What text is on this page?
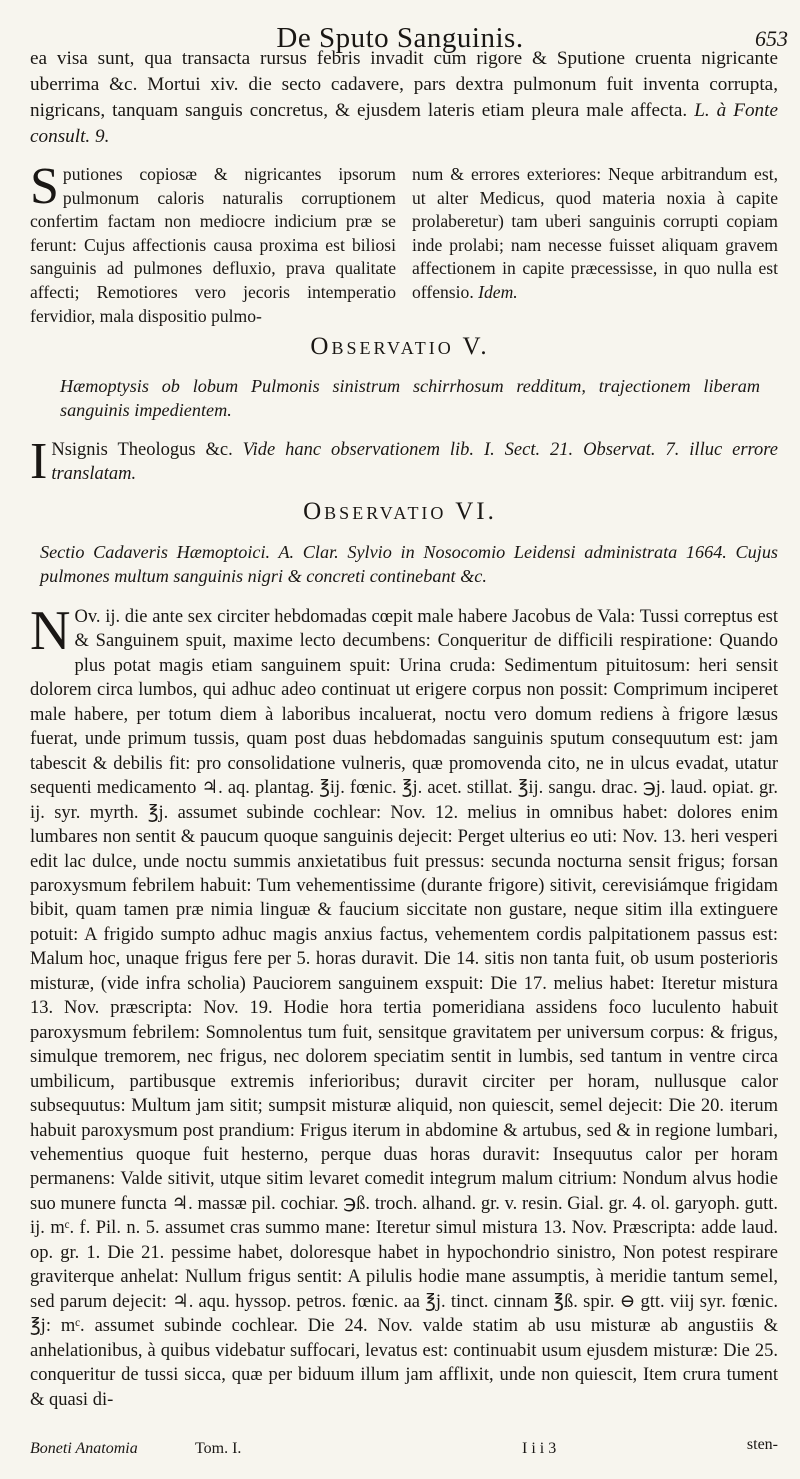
De Sputo Sanguinis.	653

ea visa sunt, qua transacta rursus febris invadit cum rigore & Sputione cruenta nigricante uberrima &c. Mortui xiv. die secto cadavere, pars dextra pulmonum fuit inventa corrupta, nigricans, tanquam sanguis concretus, & ejusdem lateris etiam pleura male affecta. L. à Fonte consult. 9.

S putiones copiosæ & nigricantes ipsorum pulmonum caloris naturalis corruptionem confertim factam non mediocre indicium præ se ferunt: Cujus affectionis causa proxima est biliosi sanguinis ad pulmones defluxio, prava qualitate affecti; Remotiores vero jecoris intemperatio fervidior, mala dispositio pulmo-

num & errores exteriores: Neque arbitrandum est, ut alter Medicus, quod materia noxia à capite prolaberetur) tam uberi sanguinis corrupti copiam inde prolabi; nam necesse fuisset aliquam gravem affectionem in capite præcessisse, in quo nulla est offensio. Idem.

Observatio V.

Hæmoptysis ob lobum Pulmonis sinistrum schirrhosum redditum, trajectionem liberam sanguinis impedientem.

I Nsignis Theologus &c. Vide hanc observationem lib. I. Sect. 21. Observat. 7. illuc errore translatam.

Observatio VI.

Sectio Cadaveris Hæmoptoici. A. Clar. Sylvio in Nosocomio Leidensi administrata 1664. Cujus pulmones multum sanguinis nigri & concreti continebant &c.

N Ov. ij. die ante sex circiter hebdomadas cœpit male habere Jacobus de Vala: Tussi correptus est & Sanguinem spuit, maxime lecto decumbens: Conqueritur de difficili respiratione: Quando plus potat magis etiam sanguinem spuit: Urina cruda: Sedimentum pituitosum: heri sensit dolorem circa lumbos, qui adhuc adeo continuat ut erigere corpus non possit: Comprimum inciperet male habere, per totum diem à laboribus incaluerat, noctu vero domum rediens à frigore læsus fuerat, unde primum tussis, quam post duas hebdomadas sanguinis sputum consequutum est: jam tabescit & debilis fit: pro consolidatione vulneris, quæ promovenda cito, ne in ulcus evadat, utatur sequenti medicamento ♃. aq. plantag. ℥ij. fœnic. ℥j. acet. stillat. ℥ij. sangu. drac. ℈j. laud. opiat. gr. ij. syr. myrth. ℥j. assumet subinde cochlear: Nov. 12. melius in omnibus habet: dolores enim lumbares non sentit & paucum quoque sanguinis dejecit: Perget ulterius eo uti: Nov. 13. heri vesperi edit lac dulce, unde noctu summis anxietatibus fuit pressus: secunda nocturna sensit frigus; forsan paroxysmum febrilem habuit: Tum vehementissime (durante frigore) sitivit, cerevisiámque frigidam bibit, quam tamen præ nimia linguæ & faucium siccitate non gustare, neque sitim illa extinguere potuit: A frigido sumpto adhuc magis anxius factus, vehementem cordis palpitationem passus est: Malum hoc, unaque frigus fere per 5. horas duravit. Die 14. sitis non tanta fuit, ob usum posterioris misturæ, (vide infra scholia) Pauciorem sanguinem exspuit: Die 17. melius habet: Iteretur mistura 13. Nov. præscripta: Nov. 19. Hodie hora tertia pomeridiana assidens foco luculento habuit paroxysmum febrilem: Somnolentus tum fuit, sensitque gravitatem per universum corpus: & frigus, simulque tremorem, nec frigus, nec dolorem speciatim sentit in lumbis, sed tantum in ventre circa umbilicum, partibusque extremis inferioribus; duravit circiter per horam, nullusque calor subsequutus: Multum jam sitit; sumpsit misturæ aliquid, non quiescit, semel dejecit: Die 20. iterum habuit paroxysmum post prandium: Frigus iterum in abdomine & artubus, sed & in regione lumbari, vehementius quoque fuit hesterno, perque duas horas duravit: Insequutus calor per horam permanens: Valde sitivit, utque sitim levaret comedit integrum malum citrium: Nondum alvus hodie suo munere functa ♃. massæ pil. cochiar. ℈ß. troch. alhand. gr. v. resin. Gial. gr. 4. ol. garyoph. gutt. ij. mᶜ. f. Pil. n. 5. assumet cras summo mane: Iteretur simul mistura 13. Nov. Præscripta: adde laud. op. gr. 1. Die 21. pessime habet, doloresque habet in hypochondrio sinistro, Non potest respirare graviterque anhelat: Nullum frigus sentit: A pilulis hodie mane assumptis, à meridie tantum semel, sed parum dejecit: ♃. aqu. hyssop. petros. fœnic. aa ℥j. tinct. cinnam ℥ß. spir. ⊖ gtt. viij syr. fœnic. ℥j: mᶜ. assumet subinde cochlear. Die 24. Nov. valde statim ab usu misturæ ab angustiis & anhelationibus, à quibus videbatur suffocari, levatus est: continuabit usum ejusdem misturæ: Die 25. conqueritur de tussi sicca, quæ per biduum illum jam afflixit, unde non quiescit, Item crura tument & quasi di-

Boneti Anatomia	Tom. I.	I i i 3	sten-
